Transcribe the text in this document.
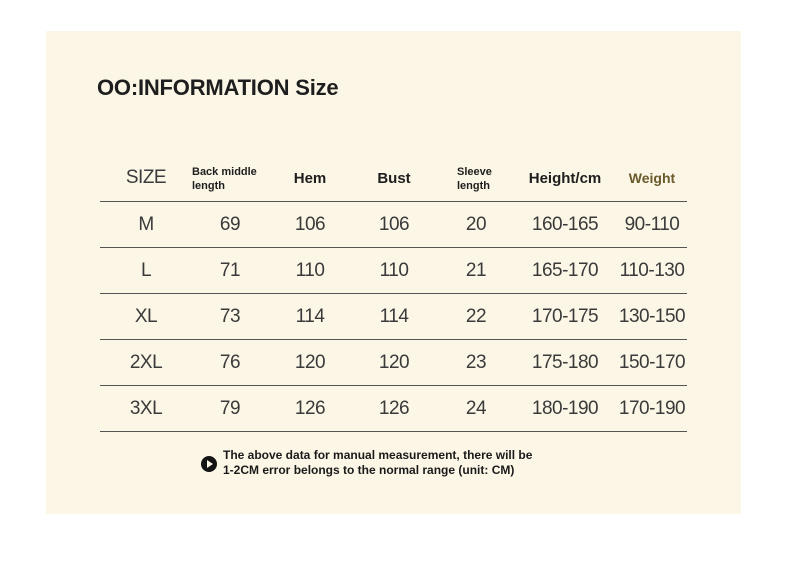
OO:INFORMATION Size
SIZE	Back middle length	Hem	Bust	Sleeve length	Height/cm	Weight
M	69	106	106	20	160-165	90-110
L	71	110	110	21	165-170	110-130
XL	73	114	114	22	170-175	130-150
2XL	76	120	120	23	175-180	150-170
3XL	79	126	126	24	180-190	170-190
The above data for manual measurement, there will be
1-2CM error belongs to the normal range (unit: CM)
